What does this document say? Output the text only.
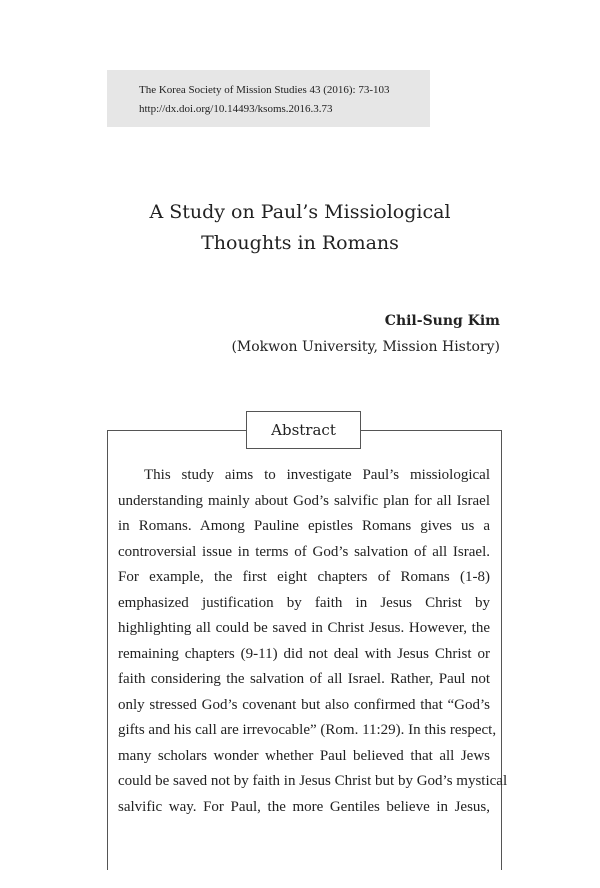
The Korea Society of Mission Studies 43 (2016): 73-103
http://dx.doi.org/10.14493/ksoms.2016.3.73
A Study on Paul’s Missiological
Thoughts in Romans
Chil-Sung Kim
(Mokwon University, Mission History)
Abstract
This study aims to investigate Paul’s missiological
understanding mainly about God’s salvific plan for all Israel
in Romans. Among Pauline epistles Romans gives us a
controversial issue in terms of God’s salvation of all Israel.
For example, the first eight chapters of Romans (1-8)
emphasized justification by faith in Jesus Christ by
highlighting all could be saved in Christ Jesus. However, the
remaining chapters (9-11) did not deal with Jesus Christ or
faith considering the salvation of all Israel. Rather, Paul not
only stressed God’s covenant but also confirmed that “God’s
gifts and his call are irrevocable” (Rom. 11:29). In this respect,
many scholars wonder whether Paul believed that all Jews
could be saved not by faith in Jesus Christ but by God’s mystical
salvific way. For Paul, the more Gentiles believe in Jesus,
